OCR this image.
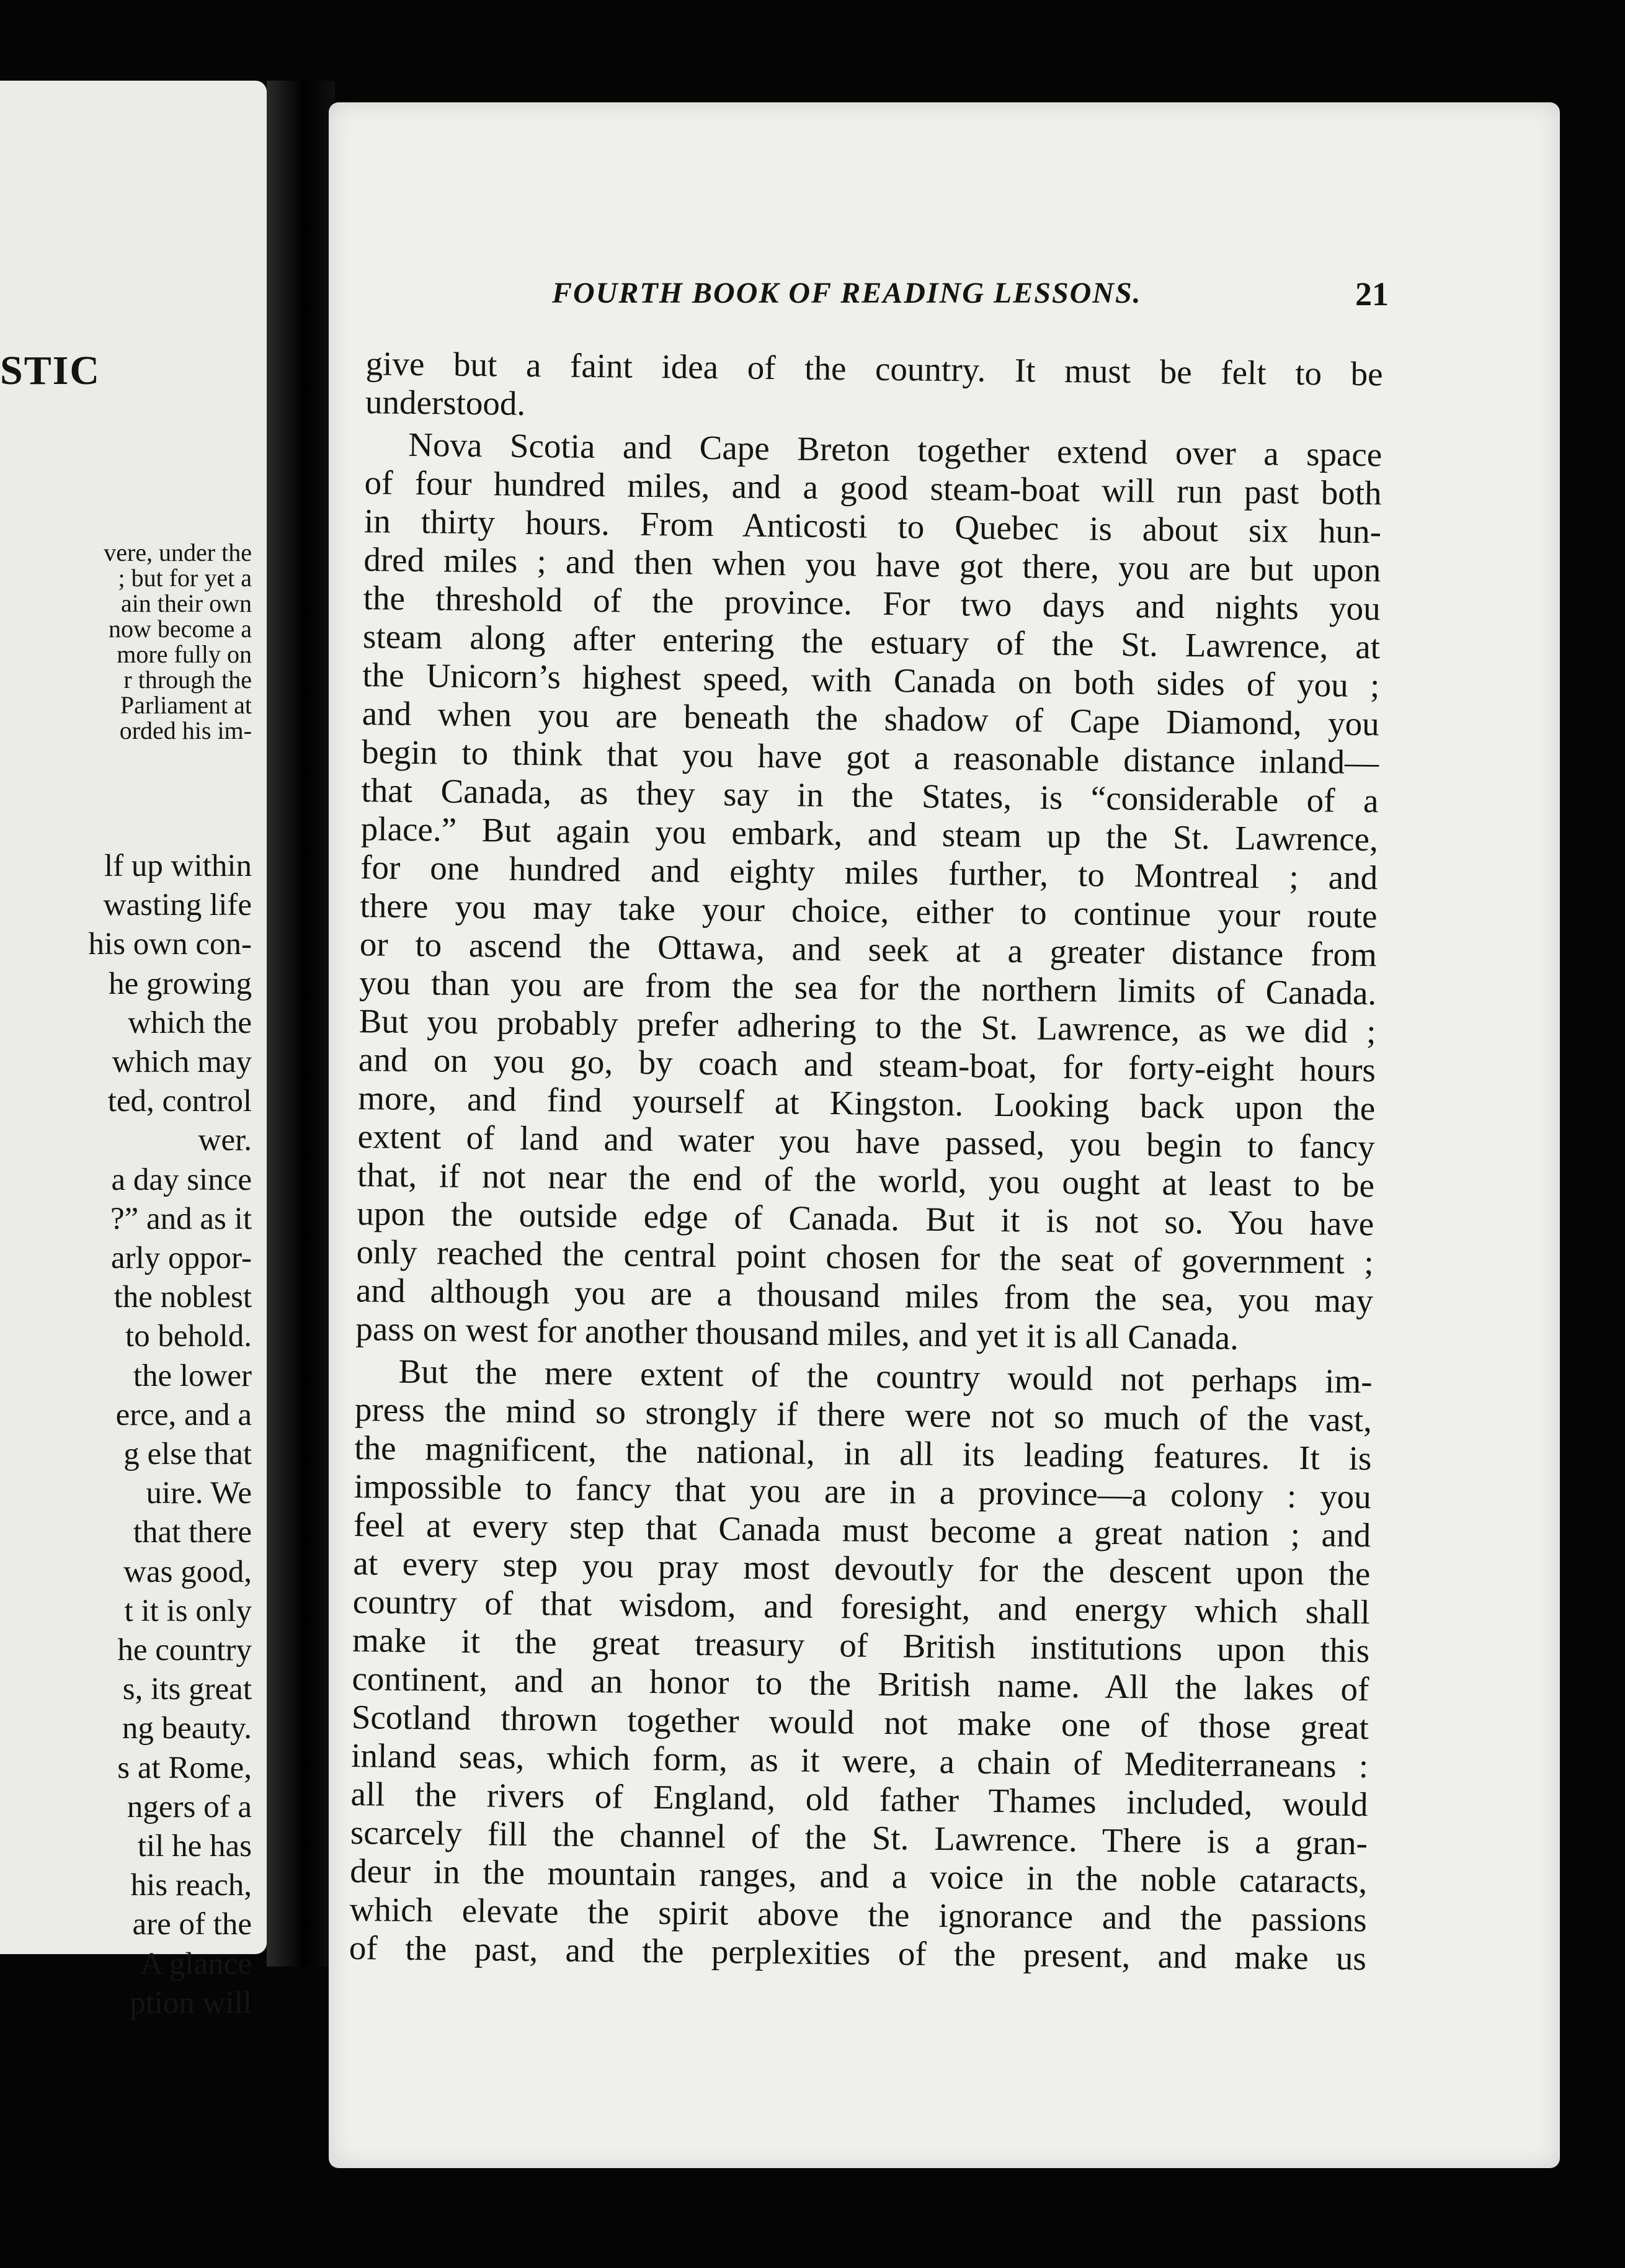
STIC
vere, under the
; but for yet a
ain their own
now become a
more fully on
r through the
Parliament at
orded his im-
lf up within
wasting life
his own con-
he growing
which the
which may
ted, control
wer.
a day since
?” and as it
arly oppor-
the noblest
to behold.
the lower
erce, and a
g else that
uire. We
that there
was good,
t it is only
he country
s, its great
ng beauty.
s at Rome,
ngers of a
til he has
his reach,
are of the
A glance
ption will
FOURTH BOOK OF READING LESSONS.	21
give but a faint idea of the country. It must be felt to be
understood.
Nova Scotia and Cape Breton together extend over a space
of four hundred miles, and a good steam-boat will run past both
in thirty hours. From Anticosti to Quebec is about six hun-
dred miles ; and then when you have got there, you are but upon
the threshold of the province. For two days and nights you
steam along after entering the estuary of the St. Lawrence, at
the Unicorn’s highest speed, with Canada on both sides of you ;
and when you are beneath the shadow of Cape Diamond, you
begin to think that you have got a reasonable distance inland—
that Canada, as they say in the States, is “considerable of a
place.” But again you embark, and steam up the St. Lawrence,
for one hundred and eighty miles further, to Montreal ; and
there you may take your choice, either to continue your route
or to ascend the Ottawa, and seek at a greater distance from
you than you are from the sea for the northern limits of Canada.
But you probably prefer adhering to the St. Lawrence, as we did ;
and on you go, by coach and steam-boat, for forty-eight hours
more, and find yourself at Kingston. Looking back upon the
extent of land and water you have passed, you begin to fancy
that, if not near the end of the world, you ought at least to be
upon the outside edge of Canada. But it is not so. You have
only reached the central point chosen for the seat of government ;
and although you are a thousand miles from the sea, you may
pass on west for another thousand miles, and yet it is all Canada.
But the mere extent of the country would not perhaps im-
press the mind so strongly if there were not so much of the vast,
the magnificent, the national, in all its leading features. It is
impossible to fancy that you are in a province—a colony : you
feel at every step that Canada must become a great nation ; and
at every step you pray most devoutly for the descent upon the
country of that wisdom, and foresight, and energy which shall
make it the great treasury of British institutions upon this
continent, and an honor to the British name. All the lakes of
Scotland thrown together would not make one of those great
inland seas, which form, as it were, a chain of Mediterraneans :
all the rivers of England, old father Thames included, would
scarcely fill the channel of the St. Lawrence. There is a gran-
deur in the mountain ranges, and a voice in the noble cataracts,
which elevate the spirit above the ignorance and the passions
of the past, and the perplexities of the present, and make us
